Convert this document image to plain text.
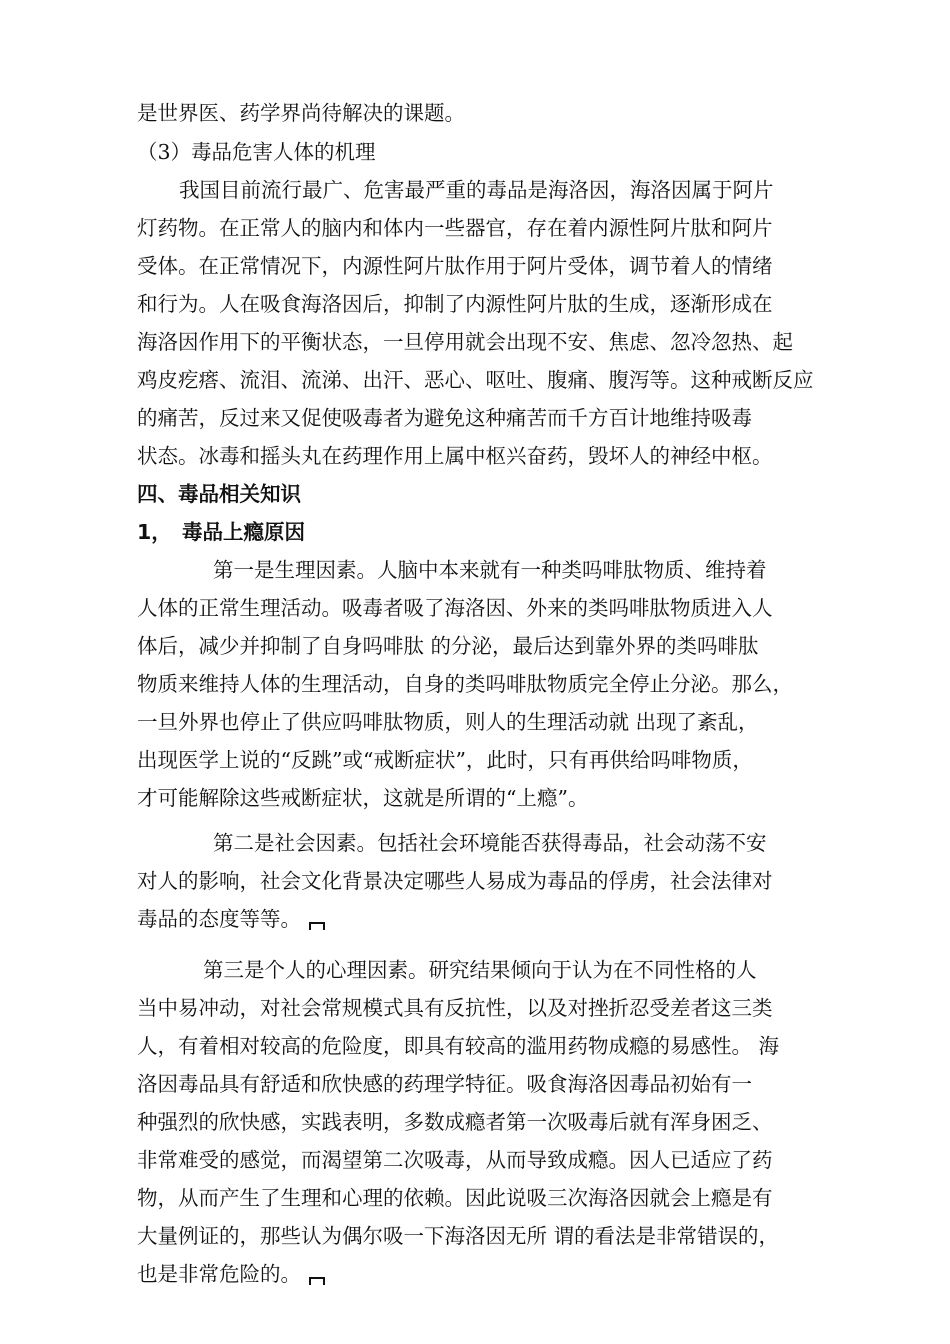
是世界医、药学界尚待解决的课题。

（3）毒品危害人体的机理

我国目前流行最广、危害最严重的毒品是海洛因，海洛因属于阿片

灯药物。在正常人的脑内和体内一些器官，存在着内源性阿片肽和阿片

受体。在正常情况下，内源性阿片肽作用于阿片受体，调节着人的情绪

和行为。人在吸食海洛因后，抑制了内源性阿片肽的生成，逐渐形成在

海洛因作用下的平衡状态，一旦停用就会出现不安、焦虑、忽冷忽热、起

鸡皮疙瘩、流泪、流涕、出汗、恶心、呕吐、腹痛、腹泻等。这种戒断反应

的痛苦，反过来又促使吸毒者为避免这种痛苦而千方百计地维持吸毒

状态。冰毒和摇头丸在药理作用上属中枢兴奋药，毁坏人的神经中枢。

四、毒品相关知识

1，　毒品上瘾原因

第一是生理因素。人脑中本来就有一种类吗啡肽物质、维持着

人体的正常生理活动。吸毒者吸了海洛因、外来的类吗啡肽物质进入人

体后，减少并抑制了自身吗啡肽 的分泌，最后达到靠外界的类吗啡肽

物质来维持人体的生理活动，自身的类吗啡肽物质完全停止分泌。那么，

一旦外界也停止了供应吗啡肽物质，则人的生理活动就 出现了紊乱，

出现医学上说的“反跳”或“戒断症状”，此时，只有再供给吗啡物质，

才可能解除这些戒断症状，这就是所谓的“上瘾”。

第二是社会因素。包括社会环境能否获得毒品，社会动荡不安

对人的影响，社会文化背景决定哪些人易成为毒品的俘虏，社会法律对

毒品的态度等等。

第三是个人的心理因素。研究结果倾向于认为在不同性格的人

当中易冲动，对社会常规模式具有反抗性，以及对挫折忍受差者这三类

人，有着相对较高的危险度，即具有较高的滥用药物成瘾的易感性。 海

洛因毒品具有舒适和欣快感的药理学特征。吸食海洛因毒品初始有一

种强烈的欣快感，实践表明，多数成瘾者第一次吸毒后就有浑身困乏、

非常难受的感觉，而渴望第二次吸毒，从而导致成瘾。因人已适应了药

物，从而产生了生理和心理的依赖。因此说吸三次海洛因就会上瘾是有

大量例证的，那些认为偶尔吸一下海洛因无所 谓的看法是非常错误的，

也是非常危险的。
